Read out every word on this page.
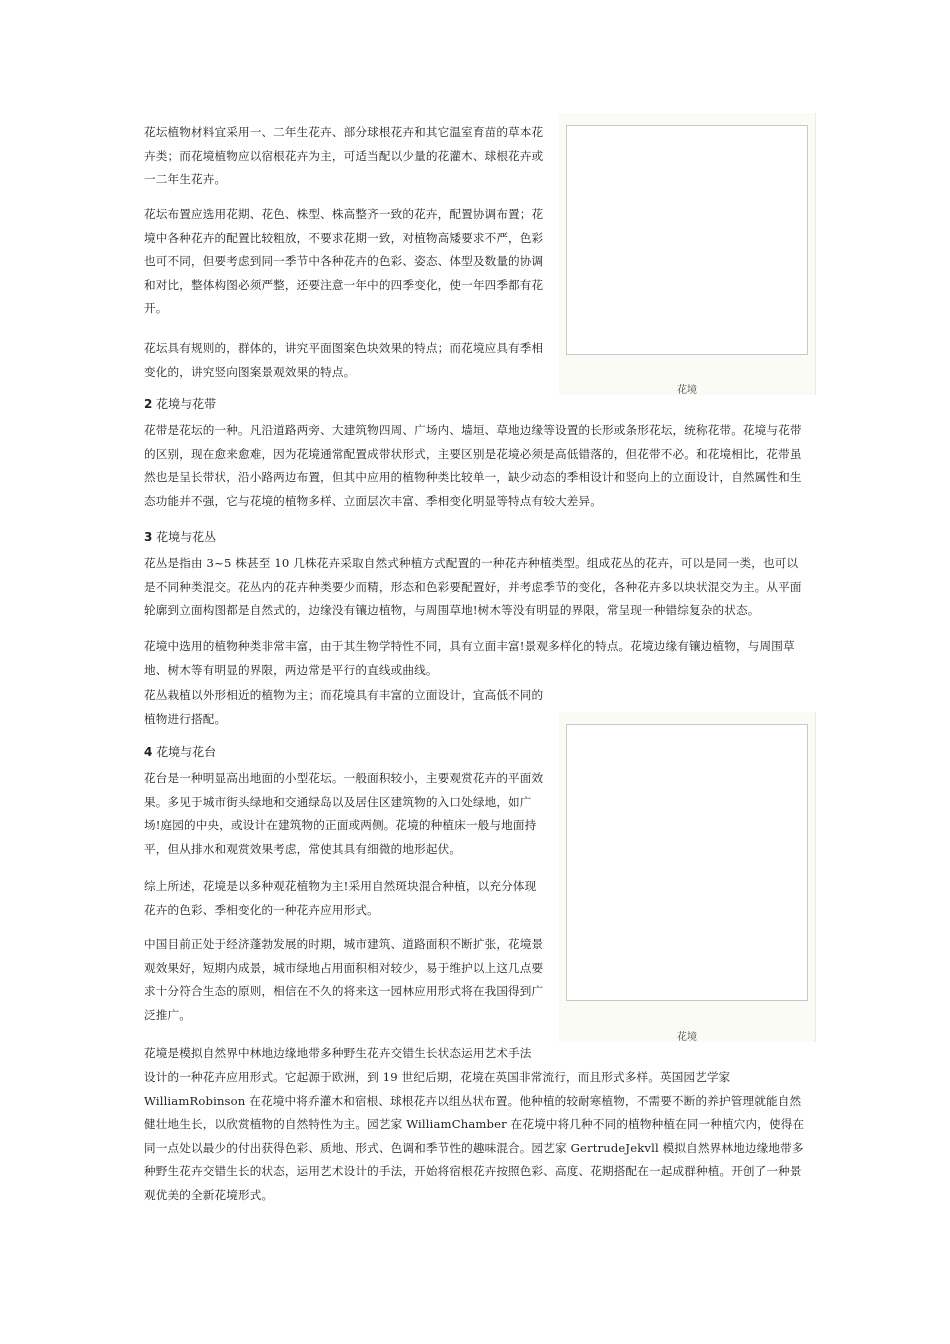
花境
花境

花坛植物材料宜采用一、二年生花卉、部分球根花卉和其它温室育苗的草本花卉类；而花境植物应以宿根花卉为主，可适当配以少量的花灌木、球根花卉或一二年生花卉。

花坛布置应选用花期、花色、株型、株高整齐一致的花卉，配置协调布置；花境中各种花卉的配置比较粗放，不要求花期一致，对植物高矮要求不严，色彩也可不同，但要考虑到同一季节中各种花卉的色彩、姿态、体型及数量的协调和对比，整体构图必须严整，还要注意一年中的四季变化，使一年四季都有花开。

花坛具有规则的，群体的，讲究平面图案色块效果的特点；而花境应具有季相变化的，讲究竖向图案景观效果的特点。

2 花境与花带

花带是花坛的一种。凡沿道路两旁、大建筑物四周、广场内、墙垣、草地边缘等设置的长形或条形花坛，统称花带。花境与花带的区别，现在愈来愈难，因为花境通常配置成带状形式，主要区别是花境必须是高低错落的，但花带不必。和花境相比，花带虽然也是呈长带状，沿小路两边布置，但其中应用的植物种类比较单一，缺少动态的季相设计和竖向上的立面设计，自然属性和生态功能并不强，它与花境的植物多样、立面层次丰富、季相变化明显等特点有较大差异。

3 花境与花丛

花丛是指由 3~5 株甚至 10 几株花卉采取自然式种植方式配置的一种花卉种植类型。组成花丛的花卉，可以是同一类，也可以是不同种类混交。花丛内的花卉种类要少而精，形态和色彩要配置好，并考虑季节的变化，各种花卉多以块状混交为主。从平面轮廓到立面构图都是自然式的，边缘没有镶边植物，与周围草地!树木等没有明显的界限，常呈现一种错综复杂的状态。

花境中选用的植物种类非常丰富，由于其生物学特性不同，具有立面丰富!景观多样化的特点。花境边缘有镶边植物，与周围草地、树木等有明显的界限，两边常是平行的直线或曲线。

花丛栽植以外形相近的植物为主；而花境具有丰富的立面设计，宜高低不同的植物进行搭配。

4 花境与花台

花台是一种明显高出地面的小型花坛。一般面积较小，主要观赏花卉的平面效果。多见于城市街头绿地和交通绿岛以及居住区建筑物的入口处绿地，如广场!庭园的中央，或设计在建筑物的正面或两侧。花境的种植床一般与地面持平，但从排水和观赏效果考虑，常使其具有细微的地形起伏。

综上所述，花境是以多种观花植物为主!采用自然斑块混合种植，以充分体现花卉的色彩、季相变化的一种花卉应用形式。

中国目前正处于经济蓬勃发展的时期，城市建筑、道路面积不断扩张，花境景观效果好，短期内成景，城市绿地占用面积相对较少，易于维护以上这几点要求十分符合生态的原则，相信在不久的将来这一园林应用形式将在我国得到广泛推广。

花境是模拟自然界中林地边缘地带多种野生花卉交错生长状态运用艺术手法

设计的一种花卉应用形式。它起源于欧洲，到 19 世纪后期，花境在英国非常流行，而且形式多样。英国园艺学家 WilliamRobinson 在花境中将乔灌木和宿根、球根花卉以组丛状布置。他种植的较耐寒植物，不需要不断的养护管理就能自然健壮地生长，以欣赏植物的自然特性为主。园艺家 WilliamChamber 在花境中将几种不同的植物种植在同一种植穴内，使得在同一点处以最少的付出获得色彩、质地、形式、色调和季节性的趣味混合。园艺家 GertrudeJekvll 模拟自然界林地边缘地带多种野生花卉交错生长的状态，运用艺术设计的手法，开始将宿根花卉按照色彩、高度、花期搭配在一起成群种植。开创了一种景观优美的全新花境形式。
